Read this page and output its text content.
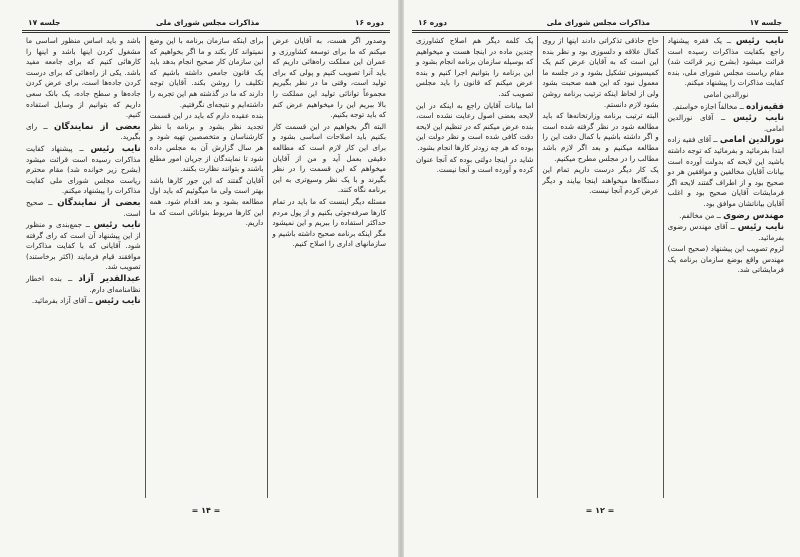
جلسه ۱۷	مذاکرات مجلس شورای ملی	دوره ۱۶

وصدور اگر هست، به آقایان عرض میکنم که ما برای توسعه کشاورزی و عمران این مملکت راه‌هائی داریم که باید آنرا تصویب کنیم و پولی که برای تولید است، وقتی ما در نظر بگیریم مجموعاً توانائی تولید این مملکت را بالا ببریم این را میخواهیم عرض کنم که باید توجه بکنیم.

البته اگر بخواهیم در این قسمت کار بکنیم باید اصلاحات اساسی بشود و برای این کار لازم است که مطالعه دقیقی بعمل آید و من از آقایان میخواهم که این قسمت را در نظر بگیرند و با یک نظر وسیع‌تری به این برنامه نگاه کنند.

مسئله دیگر اینست که ما باید در تمام کارها صرفه‌جوئی بکنیم و از پول مردم حداکثر استفاده را ببریم و این نمیشود مگر اینکه برنامه صحیح داشته باشیم و سازمانهای اداری را اصلاح کنیم.

برای اینکه سازمان برنامه با این وضع نمیتواند کار بکند و ما اگر بخواهیم که این سازمان کار صحیح انجام بدهد باید یک قانون جامعی داشته باشیم که تکلیف را روشن بکند. آقایان توجه دارند که ما در گذشته هم این تجربه را داشته‌ایم و نتیجه‌ای نگرفتیم.

بنده عقیده دارم که باید در این قسمت تجدید نظر بشود و برنامه با نظر کارشناسان و متخصصین تهیه شود و هر سال گزارش آن به مجلس داده شود تا نمایندگان از جریان امور مطلع باشند و بتوانند نظارت بکنند.

آقایان گفتند که این جور کارها باشد بهتر است ولی ما میگوئیم که باید اول مطالعه بشود و بعد اقدام شود. همه این کارها مربوط بتوانائی است که ما داریم.

باشد و باید اساس منظور اساسی ما مشغول کردن اینها باشد و اینها را کارهائی کنیم که برای جامعه مفید باشد. یکی از راه‌هائی که برای درست کردن جاده‌ها است، برای عرض کردن جاده‌ها و سطح جاده، یک بانک سعی داریم که بتوانیم از وسایل استفاده کنیم.

بعضی از نمایندگان ــ رای بگیرید.

نایب رئیس ــ پیشنهاد کفایت مذاکرات رسیده است قرائت میشود (بشرح زیر خوانده شد) مقام محترم ریاست مجلس شورای ملی کفایت مذاکرات را پیشنهاد میکنم.

بعضی از نمایندگان ــ صحیح است.

نایب رئیس ــ جمع‌بندی و منظور از این پیشنهاد آن است که رای گرفته شود. آقایانی که با کفایت مذاکرات موافقند قیام فرمایند (اکثر برخاستند) تصویب شد.

عبدالقدیر آزاد ــ بنده اخطار نظامنامه‌ای دارم.

نایب رئیس ــ آقای آزاد بفرمائید.

= ۱۴ =
دوره ۱۶	مذاکرات مجلس شورای ملی	جلسه ۱۷

نایب رئیس ــ یک فقره پیشنهاد راجع بکفایت مذاکرات رسیده است قرائت میشود (بشرح زیر قرائت شد) مقام ریاست مجلس شورای ملی، بنده کفایت مذاکرات را پیشنهاد میکنم.

نورالدین امامی

فقیه‌زاده ــ مخالفاً اجازه خواستم.

نایب رئیس ــ آقای نورالدین امامی.

نورالدین امامی ــ آقای فقیه زاده ابتدا بفرمائید و بفرمائید که توجه داشته باشید این لایحه که بدولت آورده است بیانات آقایان مخالفین و موافقین هر دو صحیح بود و از اطراف گفتند لایحه اگر فرمایشات آقایان صحیح بود و اغلب آقایان بیاناتشان موافق بود.

مهندس رضوی ــ من مخالفم.

نایب رئیس ــ آقای مهندس رضوی بفرمائید.

لزوم تصویب این پیشنهاد (صحیح است) مهندس واقع بوضع سازمان برنامه یک فرمایشاتی شد.

حاج حاذقی تذکراتی دادند اینها از روی کمال علاقه و دلسوزی بود و نظر بنده این است که به آقایان عرض کنم یک کمیسیونی تشکیل بشود و در جلسه ما معمول نبود که این همه صحبت بشود ولی از لحاظ اینکه ترتیب برنامه روشن بشود لازم دانستم.

البته ترتیب برنامه وزارتخانه‌ها که باید مطالعه شود در نظر گرفته شده است و اگر داشته باشیم با کمال دقت این را مطالعه میکنیم و بعد اگر لازم باشد مطالب را در مجلس مطرح میکنیم.

یک کار دیگر درست داریم تمام این دستگاه‌ها میخواهند اینجا بیایند و دیگر عرض کردم آنجا نیست.

یک کلمه دیگر هم اصلاح کشاورزی چندین ماده در اینجا هست و میخواهیم که بوسیله سازمان برنامه انجام بشود و این برنامه را بتوانیم اجرا کنیم و بنده عرض میکنم که قانون را باید مجلس تصویب کند.

اما بیانات آقایان راجع به اینکه در این لایحه بعضی اصول رعایت نشده است، بنده عرض میکنم که در تنظیم این لایحه دقت کافی شده است و نظر دولت این بوده که هر چه زودتر کارها انجام بشود.

شاید در اینجا دولتی بوده که آنجا عنوان کرده و آورده است و آنجا نیست.

= ۱۲ =
